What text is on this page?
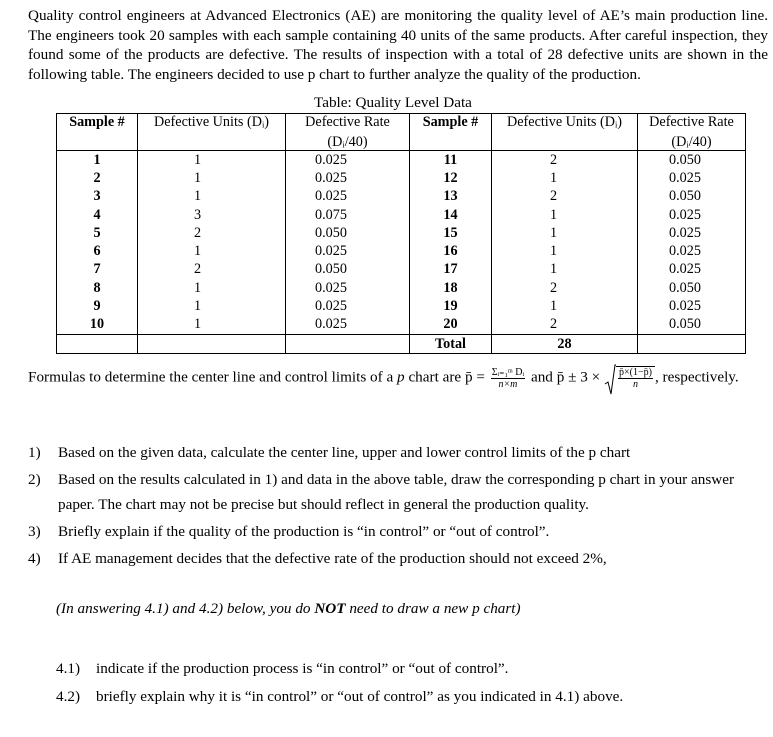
Quality control engineers at Advanced Electronics (AE) are monitoring the quality level of AE’s main production line. The engineers took 20 samples with each sample containing 40 units of the same products. After careful inspection, they found some of the products are defective. The results of inspection with a total of 28 defective units are shown in the following table. The engineers decided to use p chart to further analyze the quality of the production.

Table: Quality Level Data
Sample #	Defective Units (Dᵢ)	Defective Rate	Sample #	Defective Units (Dᵢ)	Defective Rate
		(Dᵢ/40)			(Dᵢ/40)
1	1	0.025	11	2	0.050
2	1	0.025	12	1	0.025
3	1	0.025	13	2	0.050
4	3	0.075	14	1	0.025
5	2	0.050	15	1	0.025
6	1	0.025	16	1	0.025
7	2	0.050	17	1	0.025
8	1	0.025	18	2	0.050
9	1	0.025	19	1	0.025
10	1	0.025	20	2	0.050
			Total	28	
Formulas to determine the center line and control limits of a p chart are p̄ = $\frac{\text{Σᵢ₌₁ᵐ Dᵢ}}{n\times m}$ and p̄ ± $3 \times \frac{p̄\times(1-p̄)}{n}$ , respectively.
1) Based on the given data, calculate the center line, upper and lower control limits of the p chart
2) Based on the results calculated in 1) and data in the above table, draw the corresponding p chart in your answer paper. The chart may not be precise but should reflect in general the production quality.
3) Briefly explain if the quality of the production is “in control” or “out of control”.
4) If AE management decides that the defective rate of the production should not exceed 2%,
(In answering 4.1) and 4.2) below, you do NOT need to draw a new p chart)
4.1) indicate if the production process is “in control” or “out of control”.
4.2) briefly explain why it is “in control” or “out of control” as you indicated in 4.1) above.
